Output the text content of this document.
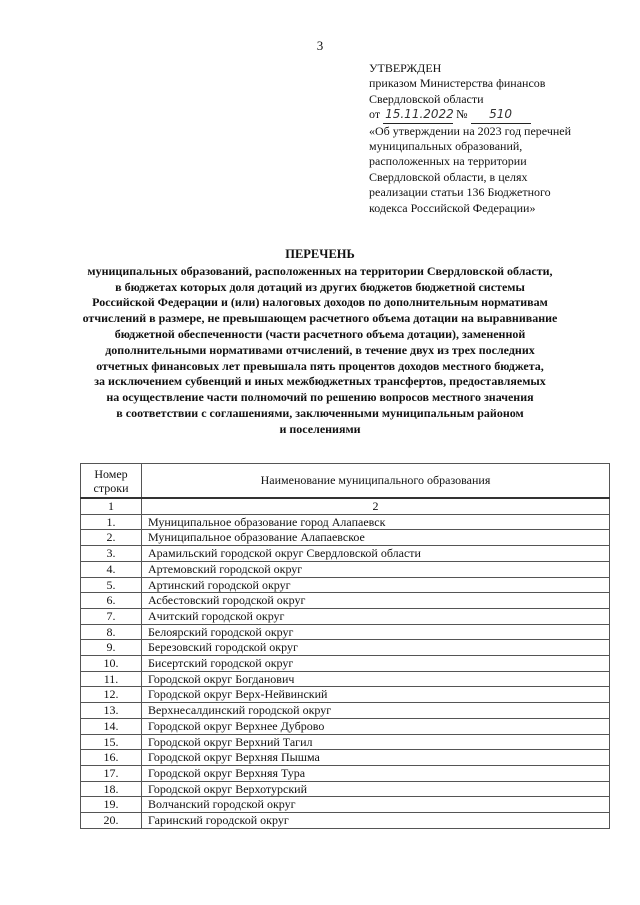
3
УТВЕРЖДЕН
приказом Министерства финансов
Свердловской области
от 15.11.2022 № 510
«Об утверждении на 2023 год перечней
муниципальных образований,
расположенных на территории
Свердловской области, в целях
реализации статьи 136 Бюджетного
кодекса Российской Федерации»
ПЕРЕЧЕНЬ
муниципальных образований, расположенных на территории Свердловской области,
в бюджетах которых доля дотаций из других бюджетов бюджетной системы
Российской Федерации и (или) налоговых доходов по дополнительным нормативам
отчислений в размере, не превышающем расчетного объема дотации на выравнивание
бюджетной обеспеченности (части расчетного объема дотации), замененной
дополнительными нормативами отчислений, в течение двух из трех последних
отчетных финансовых лет превышала пять процентов доходов местного бюджета,
за исключением субвенций и иных межбюджетных трансфертов, предоставляемых
на осуществление части полномочий по решению вопросов местного значения
в соответствии с соглашениями, заключенными муниципальным районом
и поселениями
Номер
строки	Наименование муниципального образования
1	2
1.	Муниципальное образование город Алапаевск
2.	Муниципальное образование Алапаевское
3.	Арамильский городской округ Свердловской области
4.	Артемовский городской округ
5.	Артинский городской округ
6.	Асбестовский городской округ
7.	Ачитский городской округ
8.	Белоярский городской округ
9.	Березовский городской округ
10.	Бисертский городской округ
11.	Городской округ Богданович
12.	Городской округ Верх-Нейвинский
13.	Верхнесалдинский городской округ
14.	Городской округ Верхнее Дуброво
15.	Городской округ Верхний Тагил
16.	Городской округ Верхняя Пышма
17.	Городской округ Верхняя Тура
18.	Городской округ Верхотурский
19.	Волчанский городской округ
20.	Гаринский городской округ
